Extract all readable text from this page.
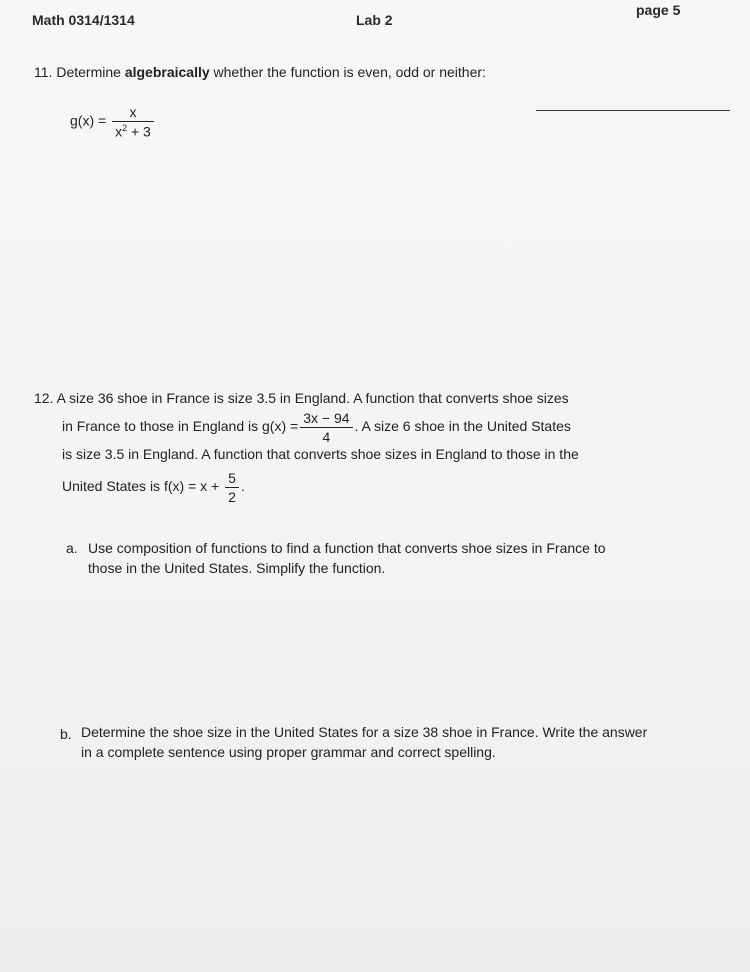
Math 0314/1314	Lab 2
page 5
11. Determine algebraically whether the function is even, odd or neither:
$g(x) = \frac{x}{x^2 + 3}$
12. A size 36 shoe in France is size 3.5 in England. A function that converts shoe sizes
in France to those in England is $g(x) = \frac{3x - 94}{4}$ . A size 6 shoe in the United States
is size 3.5 in England. A function that converts shoe sizes in England to those in the
United States is $f(x) = x + \frac{5}{2}$ .
a. Use composition of functions to find a function that converts shoe sizes in France to
those in the United States. Simplify the function.
b. Determine the shoe size in the United States for a size 38 shoe in France. Write the answer
in a complete sentence using proper grammar and correct spelling.
